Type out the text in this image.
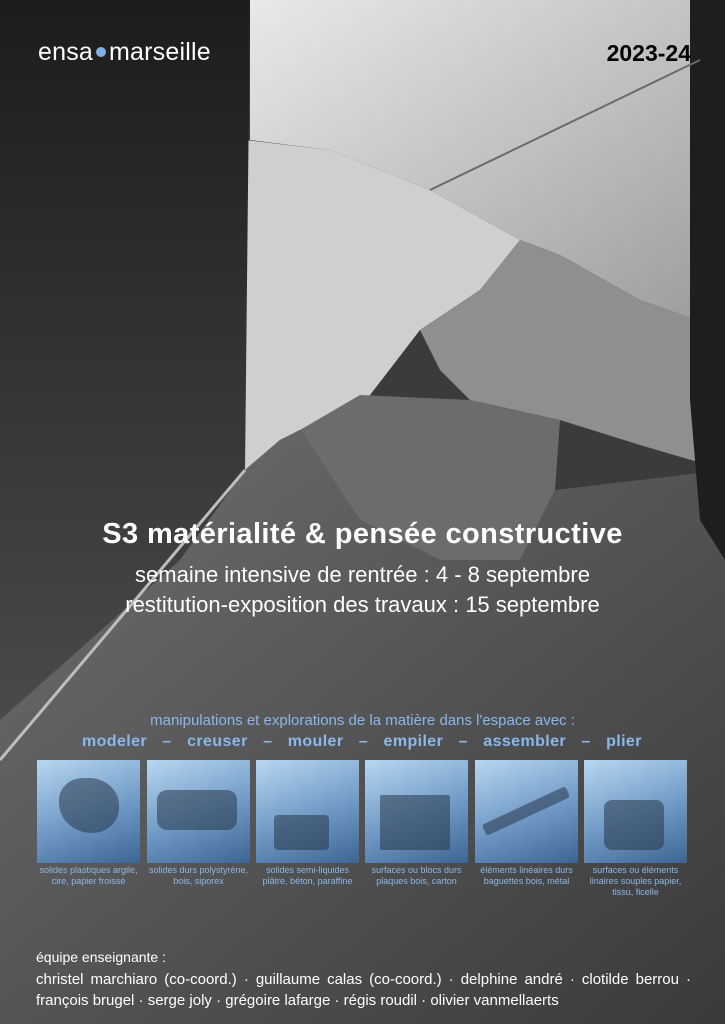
ensa marseille	2023-24
S3 matérialité & pensée constructive
semaine intensive de rentrée : 4 - 8 septembre
restitution-exposition des travaux : 15 septembre
manipulations et explorations de la matière dans l'espace avec :
modeler – creuser – mouler – empiler – assembler – plier
solides plastiques argile, cire, papier froissé
solides durs polystyrène, bois, siporex
solides semi-liquides plâtre, béton, paraffine
surfaces ou blocs durs plaques bois, carton
éléments linéaires durs baguettes bois, métal
surfaces ou éléments linaires souples papier, tissu, ficelle
équipe enseignante :
christel marchiaro (co-coord.) · guillaume calas (co-coord.) · delphine andré · clotilde berrou · françois brugel · serge joly · grégoire lafarge · régis roudil · olivier vanmellaerts
